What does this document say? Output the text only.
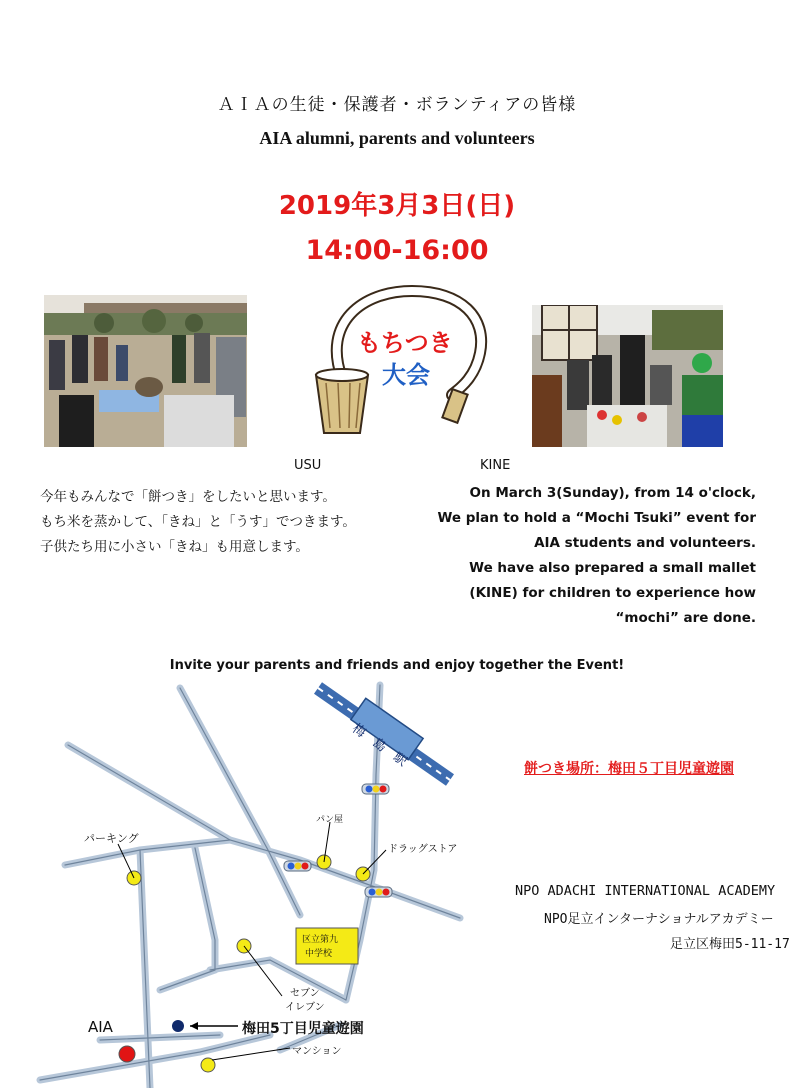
ＡＩＡの生徒・保護者・ボランティアの皆様
AIA alumni, parents and volunteers
2019年3月3日(日)
14:00-16:00
もちつき
大会
USU	KINE
今年もみんなで「餅つき」をしたいと思います。
もち米を蒸かして、「きね」と「うす」でつきます。
子供たち用に小さい「きね」も用意します。
On March 3(Sunday), from 14 o'clock,
We plan to hold a “Mochi Tsuki” event for
AIA students and volunteers.
We have also prepared a small mallet
(KINE) for children to experience how
“mochi” are done.
Invite your parents and friends and enjoy together the Event!
梅島駅
パン屋
パーキング
ドラッグストア
区立第九
中学校
セブン
イレブン
AIA	梅田5丁目児童遊園
マンション
餅つき場所：梅田５丁目児童遊園
NPO ADACHI INTERNATIONAL ACADEMY
NPO足立インターナショナルアカデミー
足立区梅田5-11-17
